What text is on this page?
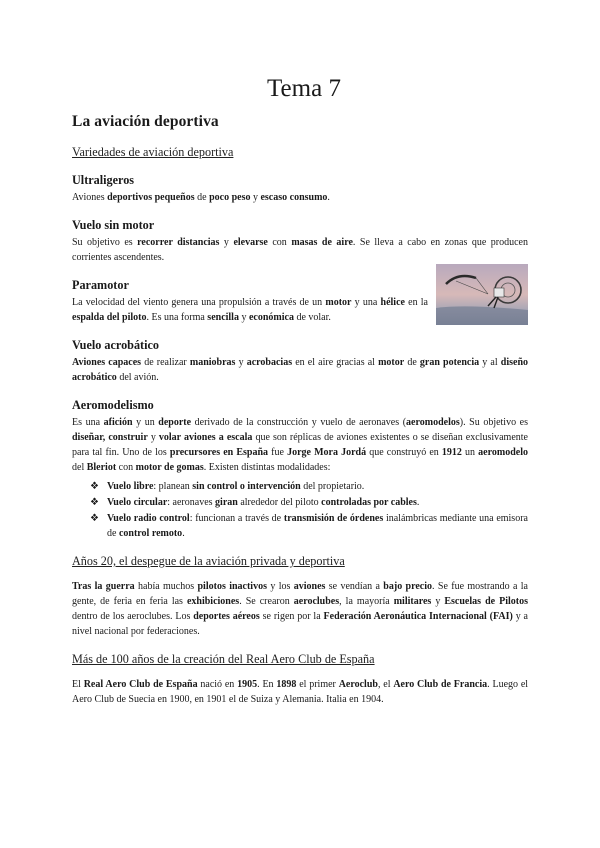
Tema 7
La aviación deportiva
Variedades de aviación deportiva
Ultraligeros

Aviones deportivos pequeños de poco peso y escaso consumo.

Vuelo sin motor

Su objetivo es recorrer distancias y elevarse con masas de aire. Se lleva a cabo en zonas que producen corrientes ascendentes.

Paramotor

La velocidad del viento genera una propulsión a través de un motor y una hélice en la espalda del piloto. Es una forma sencilla y económica de volar.

Vuelo acrobático

Aviones capaces de realizar maniobras y acrobacias en el aire gracias al motor de gran potencia y al diseño acrobático del avión.

Aeromodelismo

Es una afición y un deporte derivado de la construcción y vuelo de aeronaves (aeromodelos). Su objetivo es diseñar, construir y volar aviones a escala que son réplicas de aviones existentes o se diseñan exclusivamente para tal fin. Uno de los precursores en España fue Jorge Mora Jordá que construyó en 1912 un aeromodelo del Bleriot con motor de gomas. Existen distintas modalidades:

❖ Vuelo libre: planean sin control o intervención del propietario.
❖ Vuelo circular: aeronaves giran alrededor del piloto controladas por cables.
❖ Vuelo radio control: funcionan a través de transmisión de órdenes inalámbricas mediante una emisora de control remoto.
Años 20, el despegue de la aviación privada y deportiva

Tras la guerra había muchos pilotos inactivos y los aviones se vendían a bajo precio. Se fue mostrando a la gente, de feria en feria las exhibiciones. Se crearon aeroclubes, la mayoría militares y Escuelas de Pilotos dentro de los aeroclubes. Los deportes aéreos se rigen por la Federación Aeronáutica Internacional (FAI) y a nivel nacional por federaciones.

Más de 100 años de la creación del Real Aero Club de España

El Real Aero Club de España nació en 1905. En 1898 el primer Aeroclub, el Aero Club de Francia. Luego el Aero Club de Suecia en 1900, en 1901 el de Suiza y Alemania. Italia en 1904.
